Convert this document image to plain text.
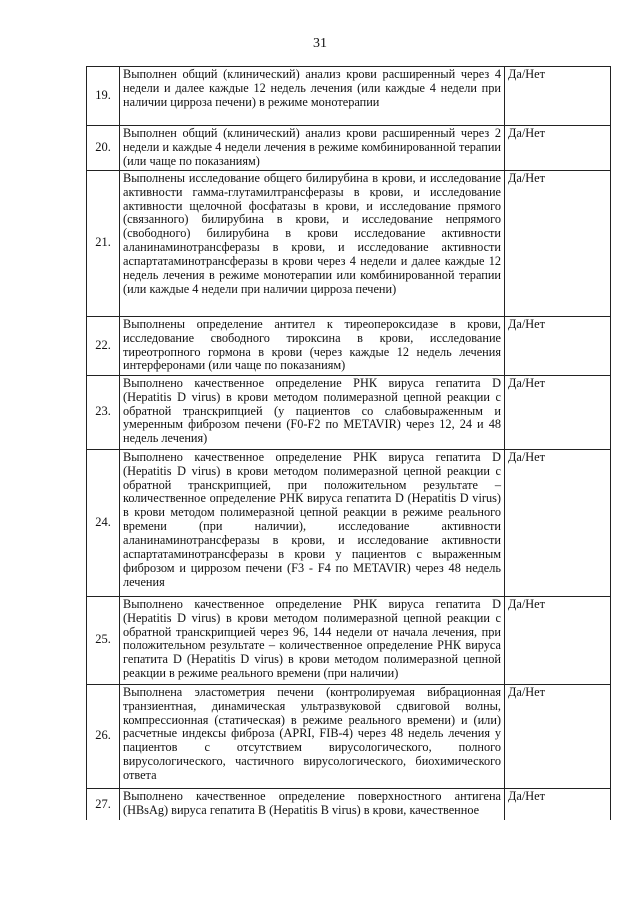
31
19.	Выполнен общий (клинический) анализ крови расширенный через 4 недели и далее каждые 12 недель лечения (или каждые 4 недели при наличии цирроза печени) в режиме монотерапии	Да/Нет
20.	Выполнен общий (клинический) анализ крови расширенный через 2 недели и каждые 4 недели лечения в режиме комбинированной терапии (или чаще по показаниям)	Да/Нет
21.	Выполнены исследование общего билирубина в крови, и исследование активности гамма-глутамилтрансферазы в крови, и исследование активности щелочной фосфатазы в крови, и исследование прямого (связанного) билирубина в крови, и исследование непрямого (свободного) билирубина в крови исследование активности аланинаминотрансферазы в крови, и исследование активности аспартатаминотрансферазы в крови через 4 недели и далее каждые 12 недель лечения в режиме монотерапии или комбинированной терапии (или каждые 4 недели при наличии цирроза печени)	Да/Нет
22.	Выполнены определение антител к тиреопероксидазе в крови, исследование свободного тироксина в крови, исследование тиреотропного гормона в крови (через каждые 12 недель лечения интерферонами (или чаще по показаниям)	Да/Нет
23.	Выполнено качественное определение РНК вируса гепатита D (Hepatitis D virus) в крови методом полимеразной цепной реакции с обратной транскрипцией (у пациентов со слабовыраженным и умеренным фиброзом печени (F0-F2 по METAVIR) через 12, 24 и 48 недель лечения)	Да/Нет
24.	Выполнено качественное определение РНК вируса гепатита D (Hepatitis D virus) в крови методом полимеразной цепной реакции с обратной транскрипцией, при положительном результате – количественное определение РНК вируса гепатита D (Hepatitis D virus) в крови методом полимеразной цепной реакции в режиме реального времени (при наличии), исследование активности аланинаминотрансферазы в крови, и исследование активности аспартатаминотрансферазы в крови у пациентов с выраженным фиброзом и циррозом печени (F3 - F4 по METAVIR) через 48 недель лечения	Да/Нет
25.	Выполнено качественное определение РНК вируса гепатита D (Hepatitis D virus) в крови методом полимеразной цепной реакции с обратной транскрипцией через 96, 144 недели от начала лечения, при положительном результате – количественное определение РНК вируса гепатита D (Hepatitis D virus) в крови методом полимеразной цепной реакции в режиме реального времени (при наличии)	Да/Нет
26.	Выполнена эластометрия печени (контролируемая вибрационная транзиентная, динамическая ультразвуковой сдвиговой волны, компрессионная (статическая) в режиме реального времени) и (или) расчетные индексы фиброза (APRI, FIB-4) через 48 недель лечения у пациентов с отсутствием вирусологического, полного вирусологического, частичного вирусологического, биохимического ответа	Да/Нет
27.	Выполнено качественное определение поверхностного антигена (HBsAg) вируса гепатита B (Hepatitis B virus) в крови, качественное	Да/Нет
